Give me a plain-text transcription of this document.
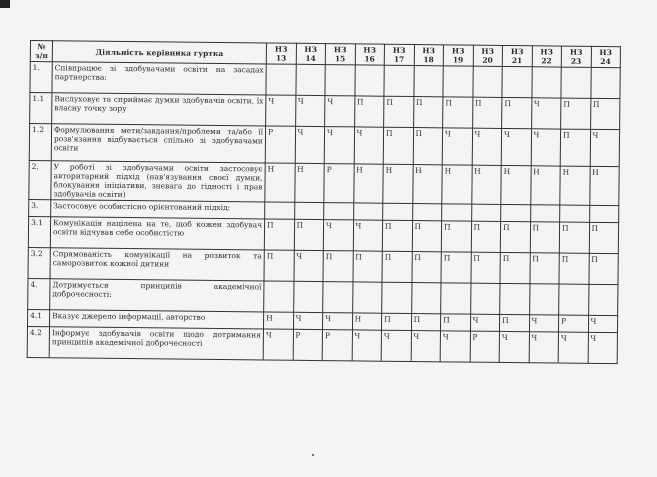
№ з/п	Діяльність керівника гуртка	НЗ 13	НЗ 14	НЗ 15	НЗ 16	НЗ 17	НЗ 18	НЗ 19	НЗ 20	НЗ 21	НЗ 22	НЗ 23	НЗ 24
1.	Співпрацює зі здобувачами освіти на засадах партнерства:												
1.1	Вислуховує та сприймає думки здобувачів освіти, їх власну точку зору	Ч	Ч	Ч	П	П	П	П	П	П	Ч	П	П
1.2	Формулювання мети/завдання/проблеми та/або її розв'язання відбувається спільно зі здобувачами освіти	Р	Ч	Ч	Ч	П	П	Ч	Ч	Ч	Ч	П	Ч
2.	У роботі зі здобувачами освіти застосовує авторитарний підхід (нав'язування своєї думки, блокування ініціативи, зневага до гідності і прав здобувачів освіти)	Н	Н	Р	Н	Н	Н	Н	Н	Н	Н	Н	Н
3.	Застосовує особистісно орієнтований підхід:												
3.1	Комунікація націлена на те, щоб кожен здобувач освіти відчував себе особистістю	П	П	Ч	Ч	П	П	П	П	П	П	П	П
3.2	Спрямованість комунікації на розвиток та саморозвиток кожної дитини	П	Ч	П	П	П	П	П	П	П	П	П	П
4.	Дотримується принципів академічної доброчесності:												
4.1	Вказує джерело інформації, авторство	Н	Ч	Ч	Н	П	П	П	Ч	П	Ч	Р	Ч
4.2	Інформує здобувачів освіти щодо дотримання принципів академічної доброчесності	Ч	Р	Р	Ч	Ч	Ч	Ч	Р	Ч	Ч	Ч	Ч
